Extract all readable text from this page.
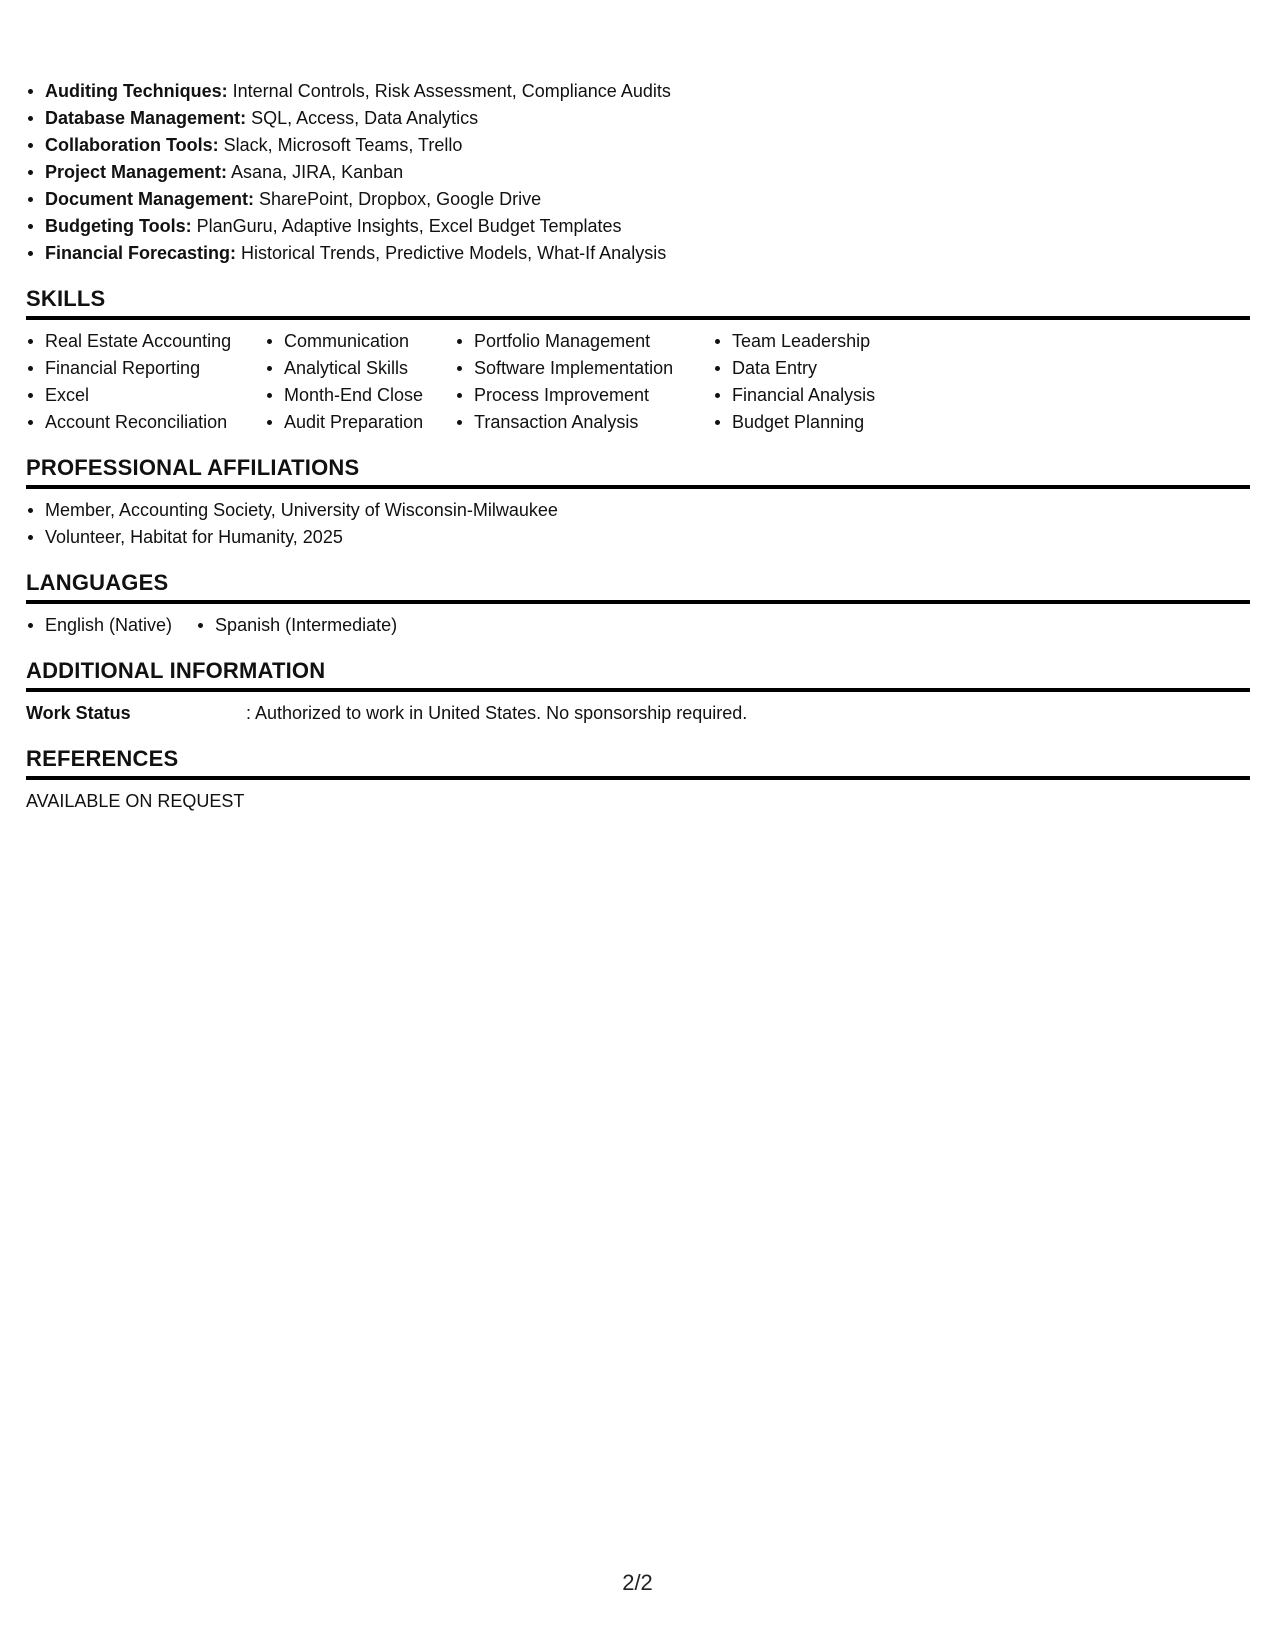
Auditing Techniques: Internal Controls, Risk Assessment, Compliance Audits
Database Management: SQL, Access, Data Analytics
Collaboration Tools: Slack, Microsoft Teams, Trello
Project Management: Asana, JIRA, Kanban
Document Management: SharePoint, Dropbox, Google Drive
Budgeting Tools: PlanGuru, Adaptive Insights, Excel Budget Templates
Financial Forecasting: Historical Trends, Predictive Models, What-If Analysis
SKILLS
Real Estate Accounting
Financial Reporting
Excel
Account Reconciliation
Communication
Analytical Skills
Month-End Close
Audit Preparation
Portfolio Management
Software Implementation
Process Improvement
Transaction Analysis
Team Leadership
Data Entry
Financial Analysis
Budget Planning
PROFESSIONAL AFFILIATIONS
Member, Accounting Society, University of Wisconsin-Milwaukee
Volunteer, Habitat for Humanity, 2025
LANGUAGES
English (Native)	Spanish (Intermediate)
ADDITIONAL INFORMATION
Work Status	: Authorized to work in United States. No sponsorship required.
REFERENCES
AVAILABLE ON REQUEST
2/2
